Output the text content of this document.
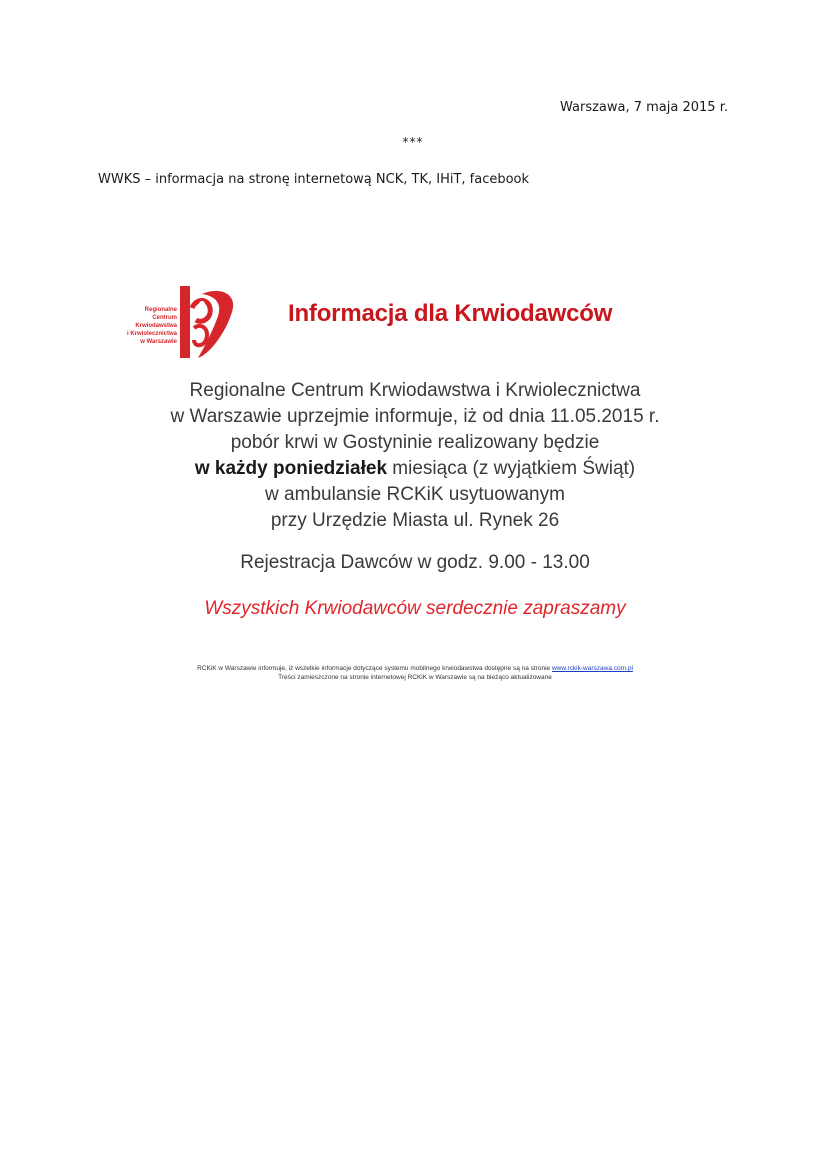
Warszawa, 7 maja 2015 r.
***
WWKS – informacja na stronę internetową NCK, TK, IHiT, facebook
Regionalne
Centrum
Krwiodawstwa
i Krwiolecznictwa
w Warszawie
Informacja dla Krwiodawców
Regionalne Centrum Krwiodawstwa i Krwiolecznictwa
w Warszawie uprzejmie informuje, iż od dnia 11.05.2015 r.
pobór krwi w Gostyninie realizowany będzie
w każdy poniedziałek miesiąca (z wyjątkiem Świąt)
w ambulansie RCKiK usytuowanym
przy Urzędzie Miasta ul. Rynek 26
Rejestracja Dawców w godz. 9.00 - 13.00
Wszystkich Krwiodawców serdecznie zapraszamy
RCKiK w Warszawie informuje, iż wszelkie informacje dotyczące systemu mobilnego krwiodawstwa dostępne są na stronie www.rckik-warszawa.com.pl
Treści zamieszczone na stronie internetowej RCKiK w Warszawie są na bieżąco aktualizowane
